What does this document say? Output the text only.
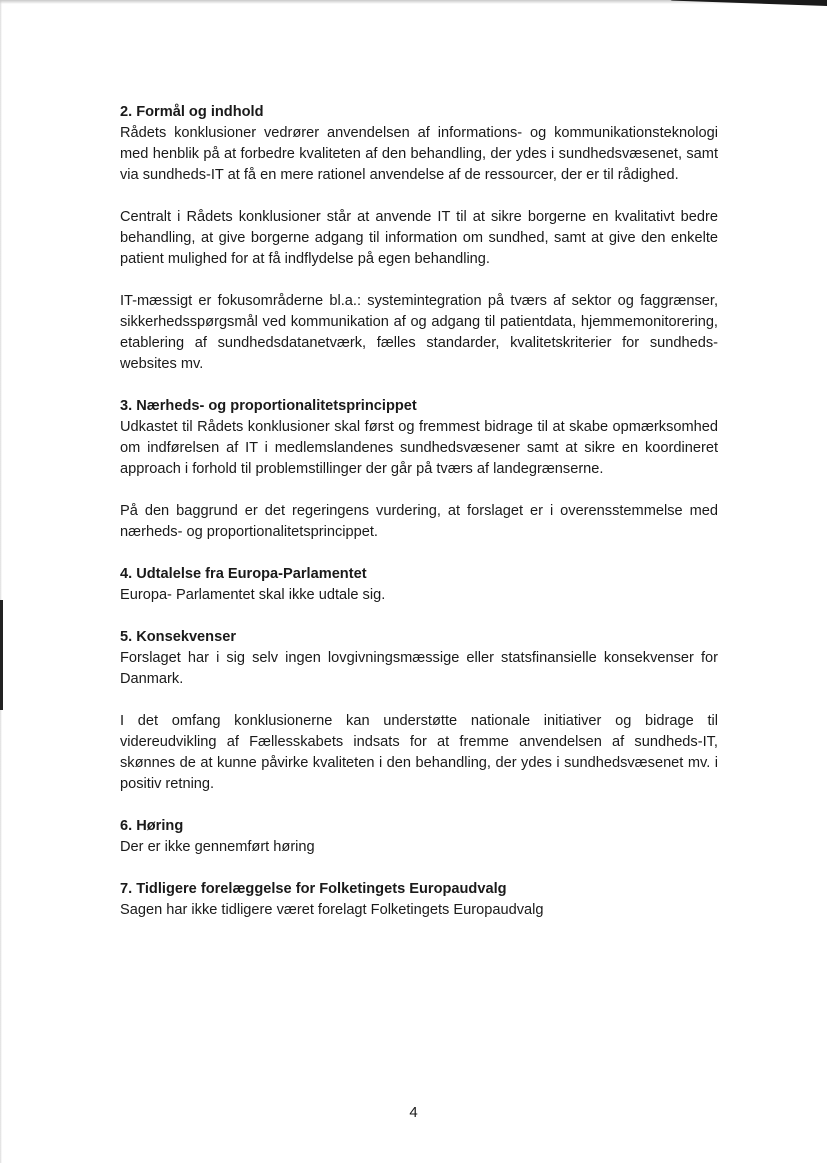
2. Formål og indhold

Rådets konklusioner vedrører anvendelsen af informations- og kommunikationsteknologi med henblik på at forbedre kvaliteten af den behandling, der ydes i sundhedsvæsenet, samt via sundheds-IT at få en mere rationel anvendelse af de ressourcer, der er til rådighed.

Centralt i Rådets konklusioner står at anvende IT til at sikre borgerne en kvalitativt bedre behandling, at give borgerne adgang til information om sundhed, samt at give den enkelte patient mulighed for at få indflydelse på egen behandling.

IT-mæssigt er fokusområderne bl.a.: systemintegration på tværs af sektor og faggrænser, sikkerhedsspørgsmål ved kommunikation af og adgang til patientdata, hjemmemonitorering, etablering af sundhedsdatanetværk, fælles standarder, kvalitetskriterier for sundheds-websites mv.

3. Nærheds- og proportionalitetsprincippet

Udkastet til Rådets konklusioner skal først og fremmest bidrage til at skabe opmærksomhed om indførelsen af IT i medlemslandenes sundhedsvæsener samt at sikre en koordineret approach i forhold til problemstillinger der går på tværs af landegrænserne.

På den baggrund er det regeringens vurdering, at forslaget er i overensstemmelse med nærheds- og proportionalitetsprincippet.

4. Udtalelse fra Europa-Parlamentet

Europa- Parlamentet skal ikke udtale sig.

5. Konsekvenser

Forslaget har i sig selv ingen lovgivningsmæssige eller statsfinansielle konsekvenser for Danmark.

I det omfang konklusionerne kan understøtte nationale initiativer og bidrage til videreudvikling af Fællesskabets indsats for at fremme anvendelsen af sundheds-IT, skønnes de at kunne påvirke kvaliteten i den behandling, der ydes i sundhedsvæsenet mv. i positiv retning.

6. Høring

Der er ikke gennemført høring

7. Tidligere forelæggelse for Folketingets Europaudvalg

Sagen har ikke tidligere været forelagt Folketingets Europaudvalg

4
